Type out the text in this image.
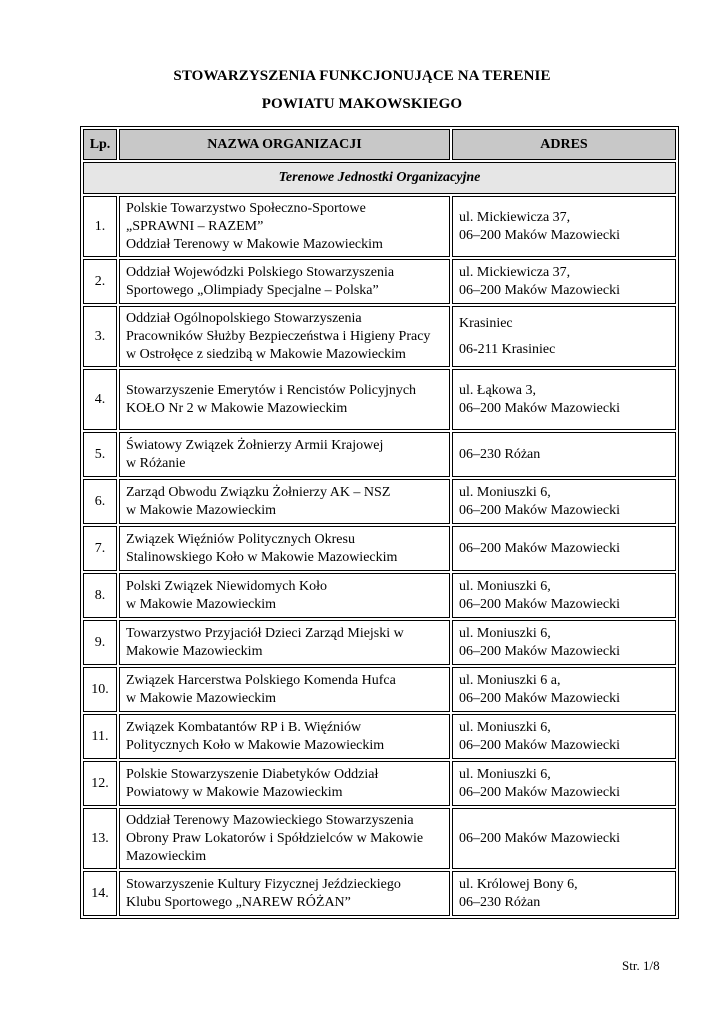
STOWARZYSZENIA FUNKCJONUJĄCE NA TERENIE
POWIATU MAKOWSKIEGO
Lp.	NAZWA ORGANIZACJI	ADRES
Terenowe Jednostki Organizacyjne		
1.	Polskie Towarzystwo Społeczno-Sportowe
„SPRAWNI – RAZEM”
Oddział Terenowy w Makowie Mazowieckim	ul. Mickiewicza 37,
06–200 Maków Mazowiecki

2.	Oddział Wojewódzki Polskiego Stowarzyszenia
Sportowego „Olimpiady Specjalne – Polska”	ul. Mickiewicza 37,
06–200 Maków Mazowiecki

3.	Oddział Ogólnopolskiego Stowarzyszenia
Pracowników Służby Bezpieczeństwa i Higieny Pracy
w Ostrołęce z siedzibą w Makowie Mazowieckim	Krasiniec
06-211 Krasiniec

4.	Stowarzyszenie Emerytów i Rencistów Policyjnych
KOŁO Nr 2 w Makowie Mazowieckim	ul. Łąkowa 3,
06–200 Maków Mazowiecki

5.	Światowy Związek Żołnierzy Armii Krajowej
w Różanie	06–230 Różan

6.	Zarząd Obwodu Związku Żołnierzy AK – NSZ
w Makowie Mazowieckim	ul. Moniuszki 6,
06–200 Maków Mazowiecki

7.	Związek Więźniów Politycznych Okresu
Stalinowskiego Koło w Makowie Mazowieckim	06–200 Maków Mazowiecki

8.	Polski Związek Niewidomych Koło
w Makowie Mazowieckim	ul. Moniuszki 6,
06–200 Maków Mazowiecki

9.	Towarzystwo Przyjaciół Dzieci Zarząd Miejski w
Makowie Mazowieckim	ul. Moniuszki 6,
06–200 Maków Mazowiecki

10.	Związek Harcerstwa Polskiego Komenda Hufca
w Makowie Mazowieckim	ul. Moniuszki 6 a,
06–200 Maków Mazowiecki

11.	Związek Kombatantów RP i B. Więźniów
Politycznych Koło w Makowie Mazowieckim	ul. Moniuszki 6,
06–200 Maków Mazowiecki

12.	Polskie Stowarzyszenie Diabetyków Oddział
Powiatowy w Makowie Mazowieckim	ul. Moniuszki 6,
06–200 Maków Mazowiecki

13.	Oddział Terenowy Mazowieckiego Stowarzyszenia
Obrony Praw Lokatorów i Spółdzielców w Makowie
Mazowieckim	06–200 Maków Mazowiecki

14.	Stowarzyszenie Kultury Fizycznej Jeździeckiego
Klubu Sportowego „NAREW RÓŻAN”	ul. Królowej Bony 6,
06–230 Różan
Str. 1/8
